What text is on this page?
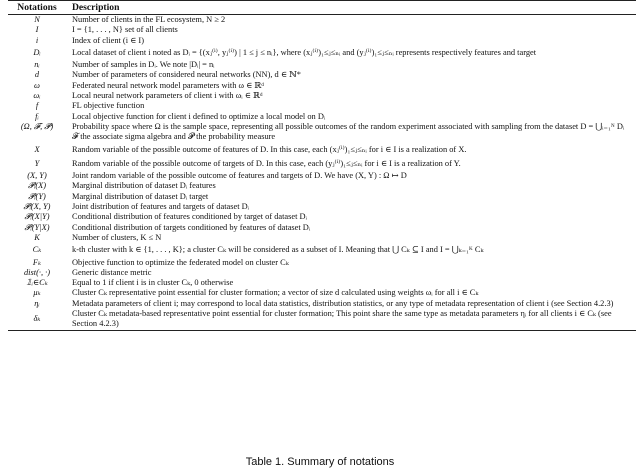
Notations	Description
N	Number of clients in the FL ecosystem, N ≥ 2
I	I = {1, . . . , N} set of all clients
i	Index of client (i ∈ I)
Dᵢ	Local dataset of client i noted as Dᵢ = {(xⱼ⁽ⁱ⁾, yⱼ⁽ⁱ⁾) | 1 ≤ j ≤ nᵢ}, where (xⱼ⁽ⁱ⁾)₁≤ⱼ≤ₙᵢ and (yⱼ⁽ⁱ⁾)₁≤ⱼ≤ₙᵢ represents respectively features and target
nᵢ	Number of samples in Dᵢ. We note |Dᵢ| = nᵢ
d	Number of parameters of considered neural networks (NN), d ∈ ℕ*
ω	Federated neural network model parameters with ω ∈ ℝᵈ
ωᵢ	Local neural network parameters of client i with ωᵢ ∈ ℝᵈ
f	FL objective function
fᵢ	Local objective function for client i defined to optimize a local model on Dᵢ
(Ω, 𝓕, 𝓟)	Probability space where Ω is the sample space, representing all possible outcomes of the random experiment associated with sampling from the dataset D = ⋃ᵢ₌₁ᴺ Dᵢ
	𝓕 the associate sigma algebra and 𝓟 the probability measure
X	Random variable of the possible outcome of features of D. In this case, each (xⱼ⁽ⁱ⁾)₁≤ⱼ≤ₙᵢ for i ∈ I is a realization of X.
Y	Random variable of the possible outcome of targets of D. In this case, each (yⱼ⁽ⁱ⁾)₁≤ⱼ≤ₙᵢ for i ∈ I is a realization of Y.
(X, Y)	Joint random variable of the possible outcome of features and targets of D. We have (X, Y) : Ω ↦ D
𝓟ᵢ(X)	Marginal distribution of dataset Dᵢ features
𝓟ᵢ(Y)	Marginal distribution of dataset Dᵢ target
𝓟ᵢ(X, Y)	Joint distribution of features and targets of dataset Dᵢ
𝓟ᵢ(X|Y)	Conditional distribution of features conditioned by target of dataset Dᵢ
𝓟ᵢ(Y|X)	Conditional distribution of targets conditioned by features of dataset Dᵢ
K	Number of clusters, K ≤ N
Cₖ	k-th cluster with k ∈ {1, . . . , K}; a cluster Cₖ will be considered as a subset of I. Meaning that ⋃ Cₖ ⊆ I and I = ⋃ₖ₌₁ᴷ Cₖ
Fₖ	Objective function to optimize the federated model on cluster Cₖ
dist(·, ·)	Generic distance metric
𝟙ᵢ∈Cₖ	Equal to 1 if client i is in cluster Cₖ, 0 otherwise
μₖ	Cluster Cₖ representative point essential for cluster formation; a vector of size d calculated using weights ωᵢ for all i ∈ Cₖ
ηᵢ	Metadata parameters of client i; may correspond to local data statistics, distribution statistics, or any type of metadata representation of client i (see Section 4.2.3)
δₖ	Cluster Cₖ metadata-based representative point essential for cluster formation; This point share the same type as metadata parameters ηᵢ for all clients i ∈ Cₖ (see Section 4.2.3)
Table 1. Summary of notations
